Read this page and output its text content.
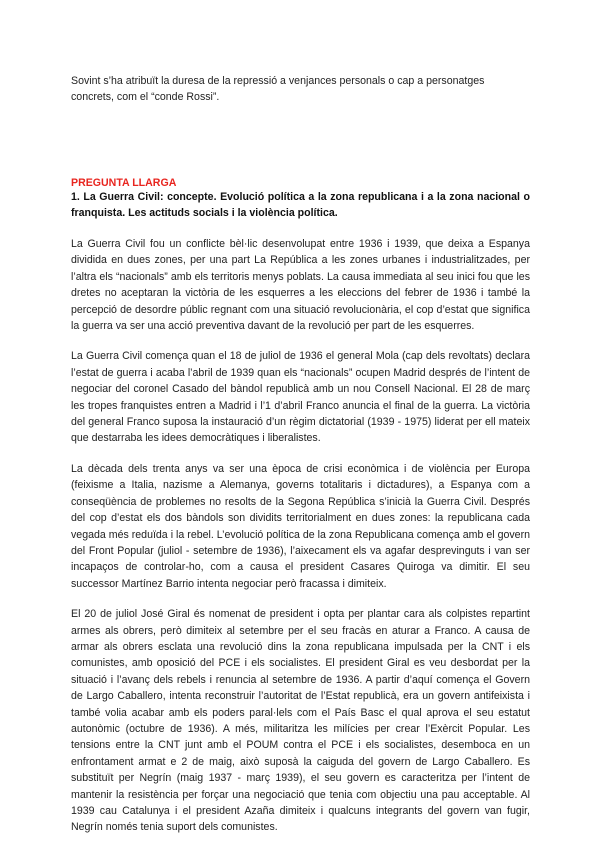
Sovint s’ha atribuït la duresa de la repressió a venjances personals o cap a personatges concrets, com el “conde Rossi”.

PREGUNTA LLARGA

1. La Guerra Civil: concepte. Evolució política a la zona republicana i a la zona nacional o franquista. Les actituds socials i la violència política.

La Guerra Civil fou un conflicte bèl·lic desenvolupat entre 1936 i 1939, que deixa a Espanya dividida en dues zones, per una part La República a les zones urbanes i industrialitzades, per l’altra els “nacionals” amb els territoris menys poblats. La causa immediata al seu inici fou que les dretes no aceptaran la victòria de les esquerres a les eleccions del febrer de 1936 i també la percepció de desordre públic regnant com una situació revolucionària, el cop d’estat que significa la guerra va ser una acció preventiva davant de la revolució per part de les esquerres.

La Guerra Civil comença quan el 18 de juliol de 1936 el general Mola (cap dels revoltats) declara l’estat de guerra i acaba l’abril de 1939 quan els “nacionals” ocupen Madrid després de l’intent de negociar del coronel Casado del bàndol republicà amb un nou Consell Nacional. El 28 de març les tropes franquistes entren a Madrid i l’1 d’abril Franco anuncia el final de la guerra. La victòria del general Franco suposa la instauració d’un règim dictatorial (1939 - 1975) liderat per ell mateix que destarraba les idees democràtiques i liberalistes.

La dècada dels trenta anys va ser una època de crisi econòmica i de violència per Europa (feixisme a Italia, nazisme a Alemanya, governs totalitaris i dictadures), a Espanya com a conseqüència de problemes no resolts de la Segona República s’inicià la Guerra Civil. Després del cop d’estat els dos bàndols son dividits territorialment en dues zones: la republicana cada vegada més reduïda i la rebel. L’evolució política de la zona Republicana comença amb el govern del Front Popular (juliol - setembre de 1936), l’aixecament els va agafar desprevinguts i van ser incapaços de controlar-ho, com a causa el president Casares Quiroga va dimitir. El seu successor Martínez Barrio intenta negociar però fracassa i dimiteix.

El 20 de juliol José Giral és nomenat de president i opta per plantar cara als colpistes repartint armes als obrers, però dimiteix al setembre per el seu fracàs en aturar a Franco. A causa de armar als obrers esclata una revolució dins la zona republicana impulsada per la CNT i els comunistes, amb oposició del PCE i els socialistes. El president Giral es veu desbordat per la situació i l’avanç dels rebels i renuncia al setembre de 1936. A partir d’aquí comença el Govern de Largo Caballero, intenta reconstruir l’autoritat de l’Estat republicà, era un govern antifeixista i també volia acabar amb els poders paral·lels com el País Basc el qual aprova el seu estatut autonòmic (octubre de 1936). A més, militaritza les milícies per crear l’Exèrcit Popular. Les tensions entre la CNT junt amb el POUM contra el PCE i els socialistes, desemboca en un enfrontament armat e 2 de maig, això suposà la caiguda del govern de Largo Caballero. Es substituït per Negrín (maig 1937 - març 1939), el seu govern es caracteritza per l’intent de mantenir la resistència per forçar una negociació que tenia com objectiu una pau acceptable. Al 1939 cau Catalunya i el president Azaña dimiteix i qualcuns integrants del govern van fugir, Negrín només tenia suport dels comunistes.
